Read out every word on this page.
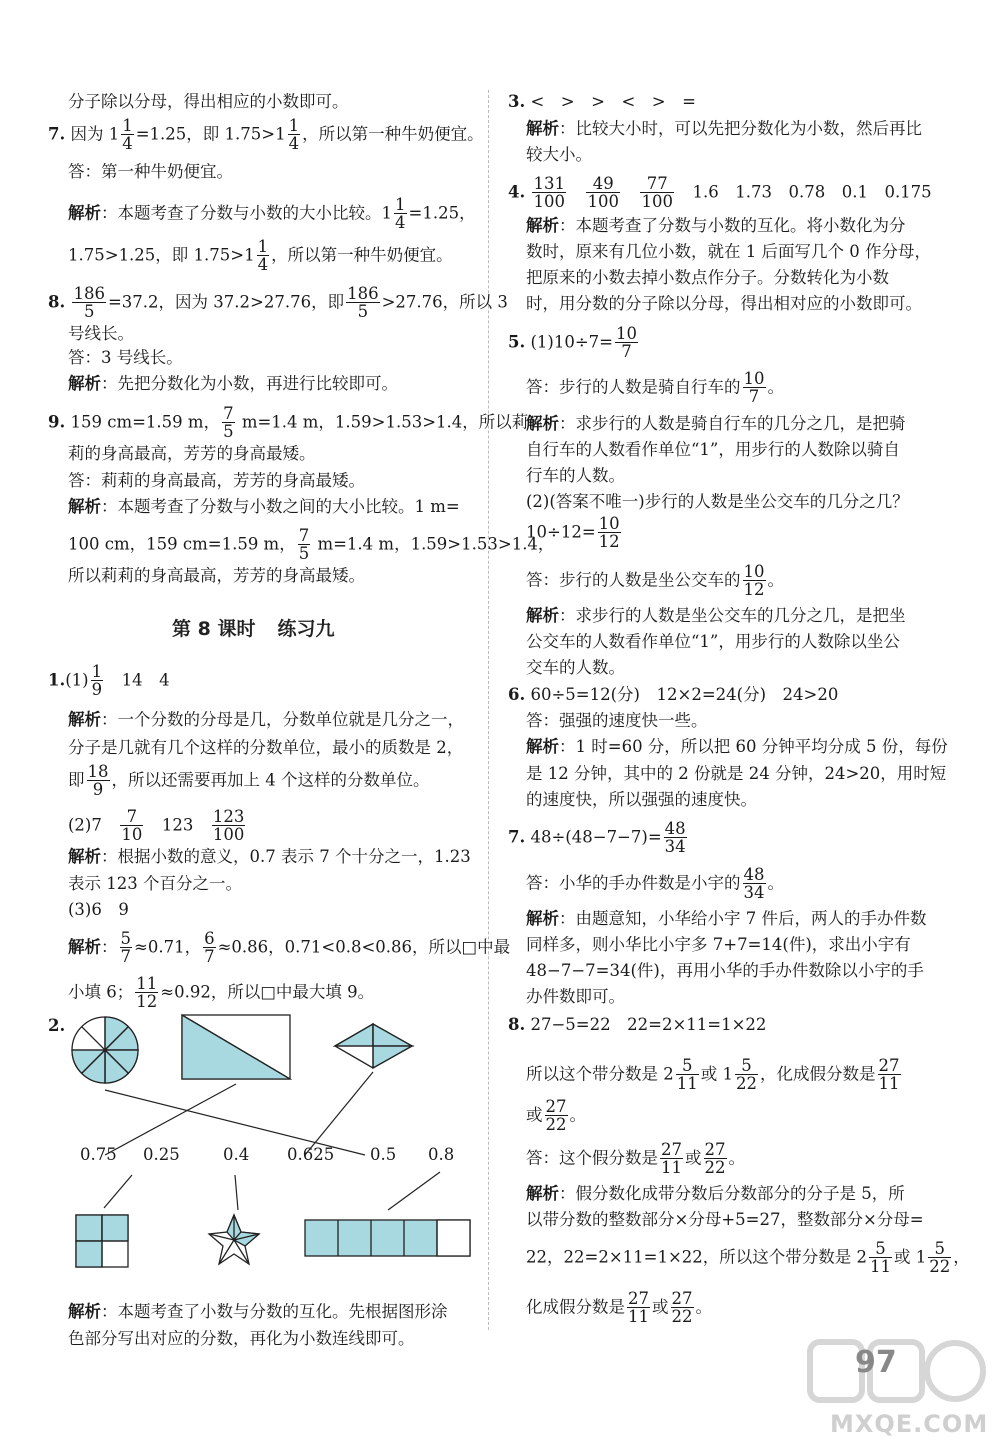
分子除以分母，得出相应的小数即可。
7. 因为 $1 \frac{1}{4} =1.25$，即 $1.75>1 \frac{1}{4}$ ，所以第一种牛奶便宜。
答：第一种牛奶便宜。
解析：本题考查了分数与小数的大小比较。$1 \frac{1}{4} =1.25$，
1.75>1.25，即 $1.75>1 \frac{1}{4}$ ，所以第一种牛奶便宜。
8. $\frac{186}{5} =37.2$，因为 37.2>27.76，即 $\frac{186}{5} >27.76$，所以 3
号线长。
答：3 号线长。
解析：先把分数化为小数，再进行比较即可。
9. 159 cm=1.59 m， $\frac{7}{5} m=1.4$ m，1.59>1.53>1.4，所以莉
莉的身高最高，芳芳的身高最矮。
答：莉莉的身高最高，芳芳的身高最矮。
解析：本题考查了分数与小数之间的大小比较。1 m=
100 cm，159 cm=1.59 m， $\frac{7}{5} m=1.4$ m，1.59>1.53>1.4，
所以莉莉的身高最高，芳芳的身高最矮。
第 8 课时 练习九
$1.(1) \frac{1}{9}$
　 14　4
解析：一个分数的分母是几，分数单位就是几分之一，
分子是几就有几个这样的分数单位，最小的质数是 2，
即 $\frac{18}{9}$ ，所以还需要再加上 4 个这样的分数单位。
(2)7　 $\frac{7}{10}$
　 123　 $\frac{123}{100}$
解析：根据小数的意义，0.7 表示 7 个十分之一，1.23
表示 123 个百分之一。
(3)6　9
解析： $\frac{5}{7} \approx 0.71$， $\frac{6}{7} \approx 0.86$，0.71<0.8<0.86，所以□中最
小填 6； $\frac{11}{12} \approx 0.92$，所以□中最大填 9。
2.
0.75 0.25	0.4 0.625 0.5 0.8
解析：本题考查了小数与分数的互化。先根据图形涂
色部分写出对应的分数，再化为小数连线即可。
3. <　>　>　<　>　=
解析：比较大小时，可以先把分数化为小数，然后再比
较大小。
4. $\frac{131}{100}$
　 $\frac{49}{100}$
　 $\frac{77}{100}$
　 1.6　1.73　0.78　0.1　0.175
解析：本题考查了分数与小数的互化。将小数化为分
数时，原来有几位小数，就在 1 后面写几个 0 作分母，
把原来的小数去掉小数点作分子。分数转化为小数
时，用分数的分子除以分母，得出相对应的小数即可。
5. $(1)10\div 7= \frac{10}{7}$
答：步行的人数是骑自行车的 $\frac{10}{7}$ 。
解析：求步行的人数是骑自行车的几分之几，是把骑
自行车的人数看作单位“1”，用步行的人数除以骑自
行车的人数。
(2)(答案不唯一)步行的人数是坐公交车的几分之几？
$10\div 12= \frac{10}{12}$
答：步行的人数是坐公交车的 $\frac{10}{12}$ 。
解析：求步行的人数是坐公交车的几分之几，是把坐
公交车的人数看作单位“1”，用步行的人数除以坐公
交车的人数。
6. 60÷5=12(分)　12×2=24(分)　24>20
答：强强的速度快一些。
解析：1 时=60 分，所以把 60 分钟平均分成 5 份，每份
是 12 分钟，其中的 2 份就是 24 分钟，24>20，用时短
的速度快，所以强强的速度快。
7. $48\div(48-7-7)= \frac{48}{34}$
答：小华的手办件数是小宇的 $\frac{48}{34}$ 。
解析：由题意知，小华给小宇 7 件后，两人的手办件数
同样多，则小华比小宇多 7+7=14(件)，求出小宇有
48−7−7=34(件)，再用小华的手办件数除以小宇的手
办件数即可。
8. 27−5=22　22=2×11=1×22
所以这个带分数是 $2 \frac{5}{11}$ 或 $1 \frac{5}{22}$ ，化成假分数是 $\frac{27}{11}$
或 $\frac{27}{22}$ 。
答：这个假分数是 $\frac{27}{11}$ 或 $\frac{27}{22}$ 。
解析：假分数化成带分数后分数部分的分子是 5，所
以带分数的整数部分×分母+5=27，整数部分×分母=
22，22=2×11=1×22，所以这个带分数是 $2 \frac{5}{11}$ 或 $1 \frac{5}{22}$ ，
化成假分数是 $\frac{27}{11}$ 或 $\frac{27}{22}$ 。
97
MXQE.COM
